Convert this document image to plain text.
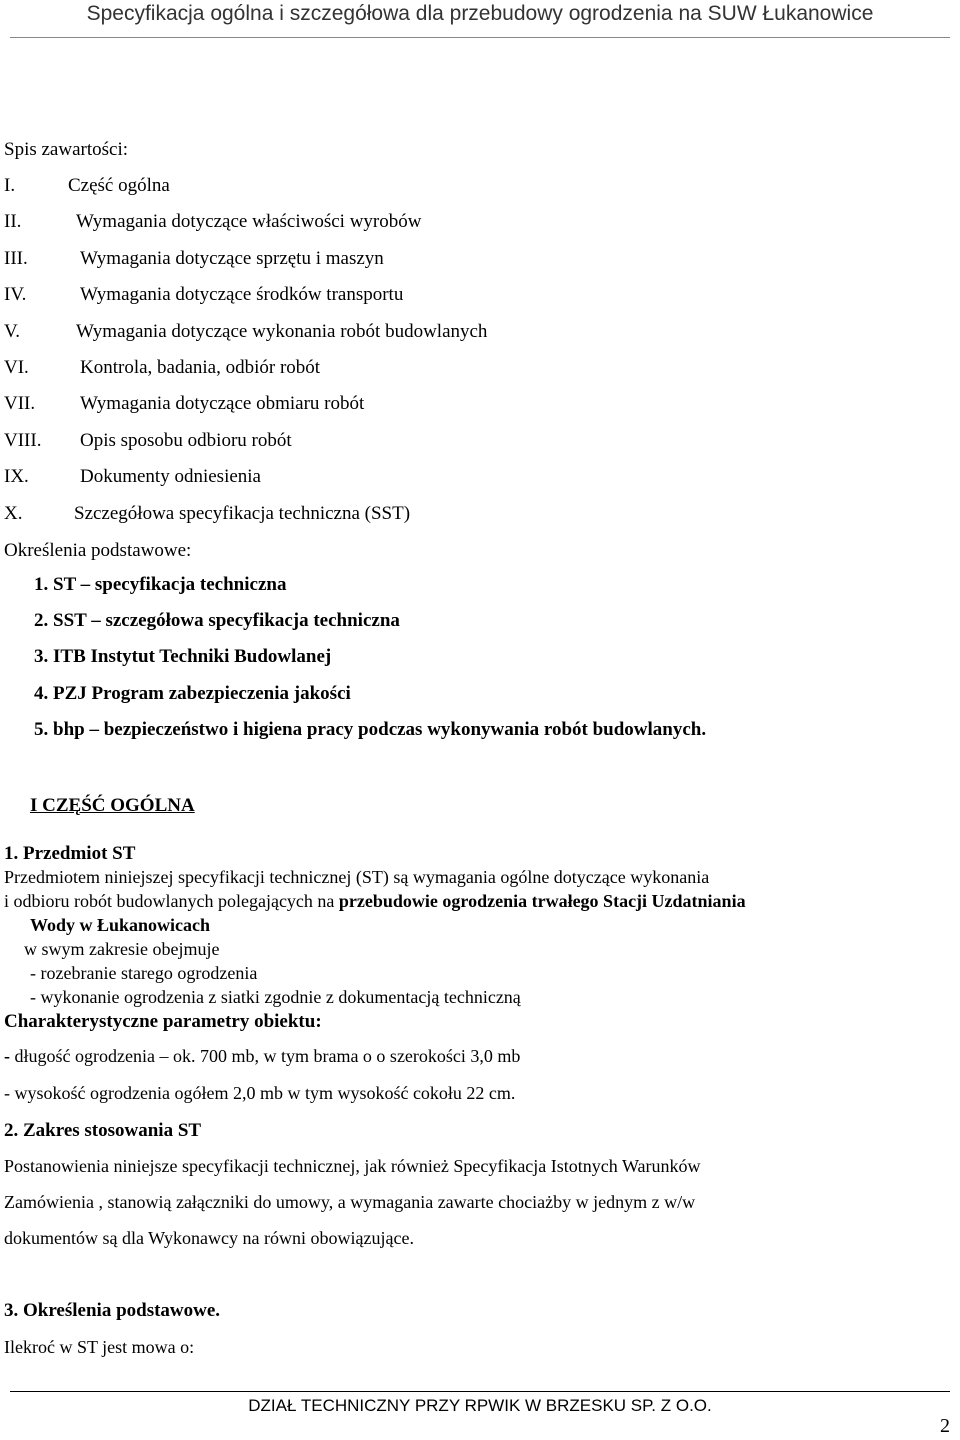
Specyfikacja ogólna i szczegółowa dla przebudowy ogrodzenia na SUW Łukanowice
Spis zawartości:
I.	Część ogólna
II.	Wymagania dotyczące właściwości wyrobów
III.	Wymagania dotyczące sprzętu i maszyn
IV.	Wymagania dotyczące środków transportu
V.	Wymagania dotyczące wykonania robót budowlanych
VI.	Kontrola, badania, odbiór robót
VII. Wymagania dotyczące obmiaru robót
VIII. Opis sposobu odbioru robót
IX.	Dokumenty odniesienia
X.	Szczegółowa specyfikacja techniczna (SST)
Określenia podstawowe:
1. ST – specyfikacja techniczna
2. SST – szczegółowa specyfikacja techniczna
3. ITB Instytut Techniki Budowlanej
4. PZJ Program zabezpieczenia jakości
5. bhp – bezpieczeństwo i higiena pracy podczas wykonywania robót budowlanych.
I CZĘŚĆ OGÓLNA
1. Przedmiot ST
Przedmiotem niniejszej specyfikacji technicznej (ST) są wymagania ogólne dotyczące wykonania
i odbioru robót budowlanych polegających na przebudowie ogrodzenia trwałego Stacji Uzdatniania
Wody w Łukanowicach
w swym zakresie obejmuje
- rozebranie starego ogrodzenia
- wykonanie ogrodzenia z siatki zgodnie z dokumentacją techniczną
Charakterystyczne parametry obiektu:
- długość ogrodzenia – ok. 700 mb, w tym brama o o szerokości 3,0 mb
- wysokość ogrodzenia ogółem 2,0 mb w tym wysokość cokołu 22 cm.
2. Zakres stosowania ST
Postanowienia niniejsze specyfikacji technicznej, jak również Specyfikacja Istotnych Warunków
Zamówienia , stanowią załączniki do umowy, a wymagania zawarte chociażby w jednym z w/w
dokumentów są dla Wykonawcy na równi obowiązujące.
3. Określenia podstawowe.
Ilekroć w ST jest mowa o:
DZIAŁ TECHNICZNY PRZY RPWIK W BRZESKU SP. Z O.O.
2
